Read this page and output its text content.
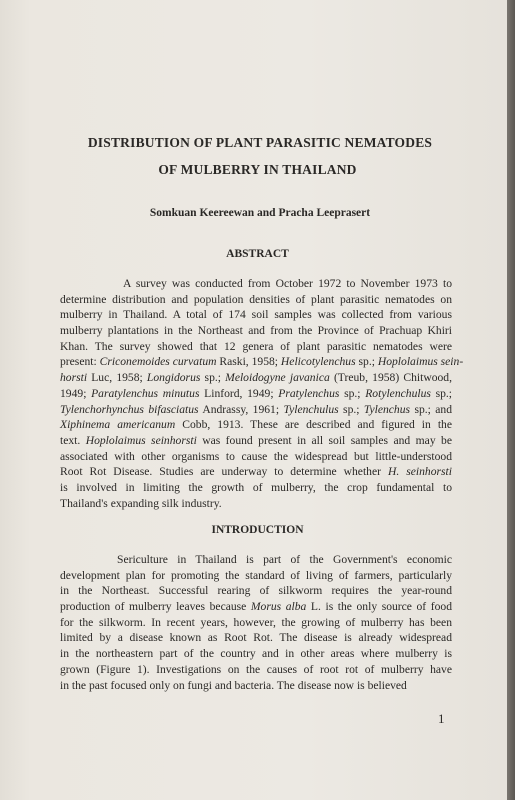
DISTRIBUTION OF PLANT PARASITIC NEMATODES
OF MULBERRY IN THAILAND
Somkuan Keereewan and Pracha Leeprasert
ABSTRACT
A survey was conducted from October 1972 to November 1973 to
determine distribution and population densities of plant parasitic nematodes on
mulberry in Thailand. A total of 174 soil samples was collected from various
mulberry plantations in the Northeast and from the Province of Prachuap Khiri
Khan. The survey showed that 12 genera of plant parasitic nematodes were
present: Criconemoides curvatum Raski, 1958; Helicotylenchus sp.; Hoplolaimus sein-
horsti Luc, 1958; Longidorus sp.; Meloidogyne javanica (Treub, 1958) Chitwood,
1949; Paratylenchus minutus Linford, 1949; Pratylenchus sp.; Rotylenchulus sp.;
Tylenchorhynchus bifasciatus Andrassy, 1961; Tylenchulus sp.; Tylenchus sp.; and
Xiphinema americanum Cobb, 1913. These are described and figured in the
text. Hoplolaimus seinhorsti was found present in all soil samples and may be
associated with other organisms to cause the widespread but little-understood
Root Rot Disease. Studies are underway to determine whether H. seinhorsti
is involved in limiting the growth of mulberry, the crop fundamental to
Thailand's expanding silk industry.
INTRODUCTION
Sericulture in Thailand is part of the Government's economic
development plan for promoting the standard of living of farmers, particularly
in the Northeast. Successful rearing of silkworm requires the year-round
production of mulberry leaves because Morus alba L. is the only source of food
for the silkworm. In recent years, however, the growing of mulberry has been
limited by a disease known as Root Rot. The disease is already widespread
in the northeastern part of the country and in other areas where mulberry is
grown (Figure 1). Investigations on the causes of root rot of mulberry have
in the past focused only on fungi and bacteria. The disease now is believed
1
